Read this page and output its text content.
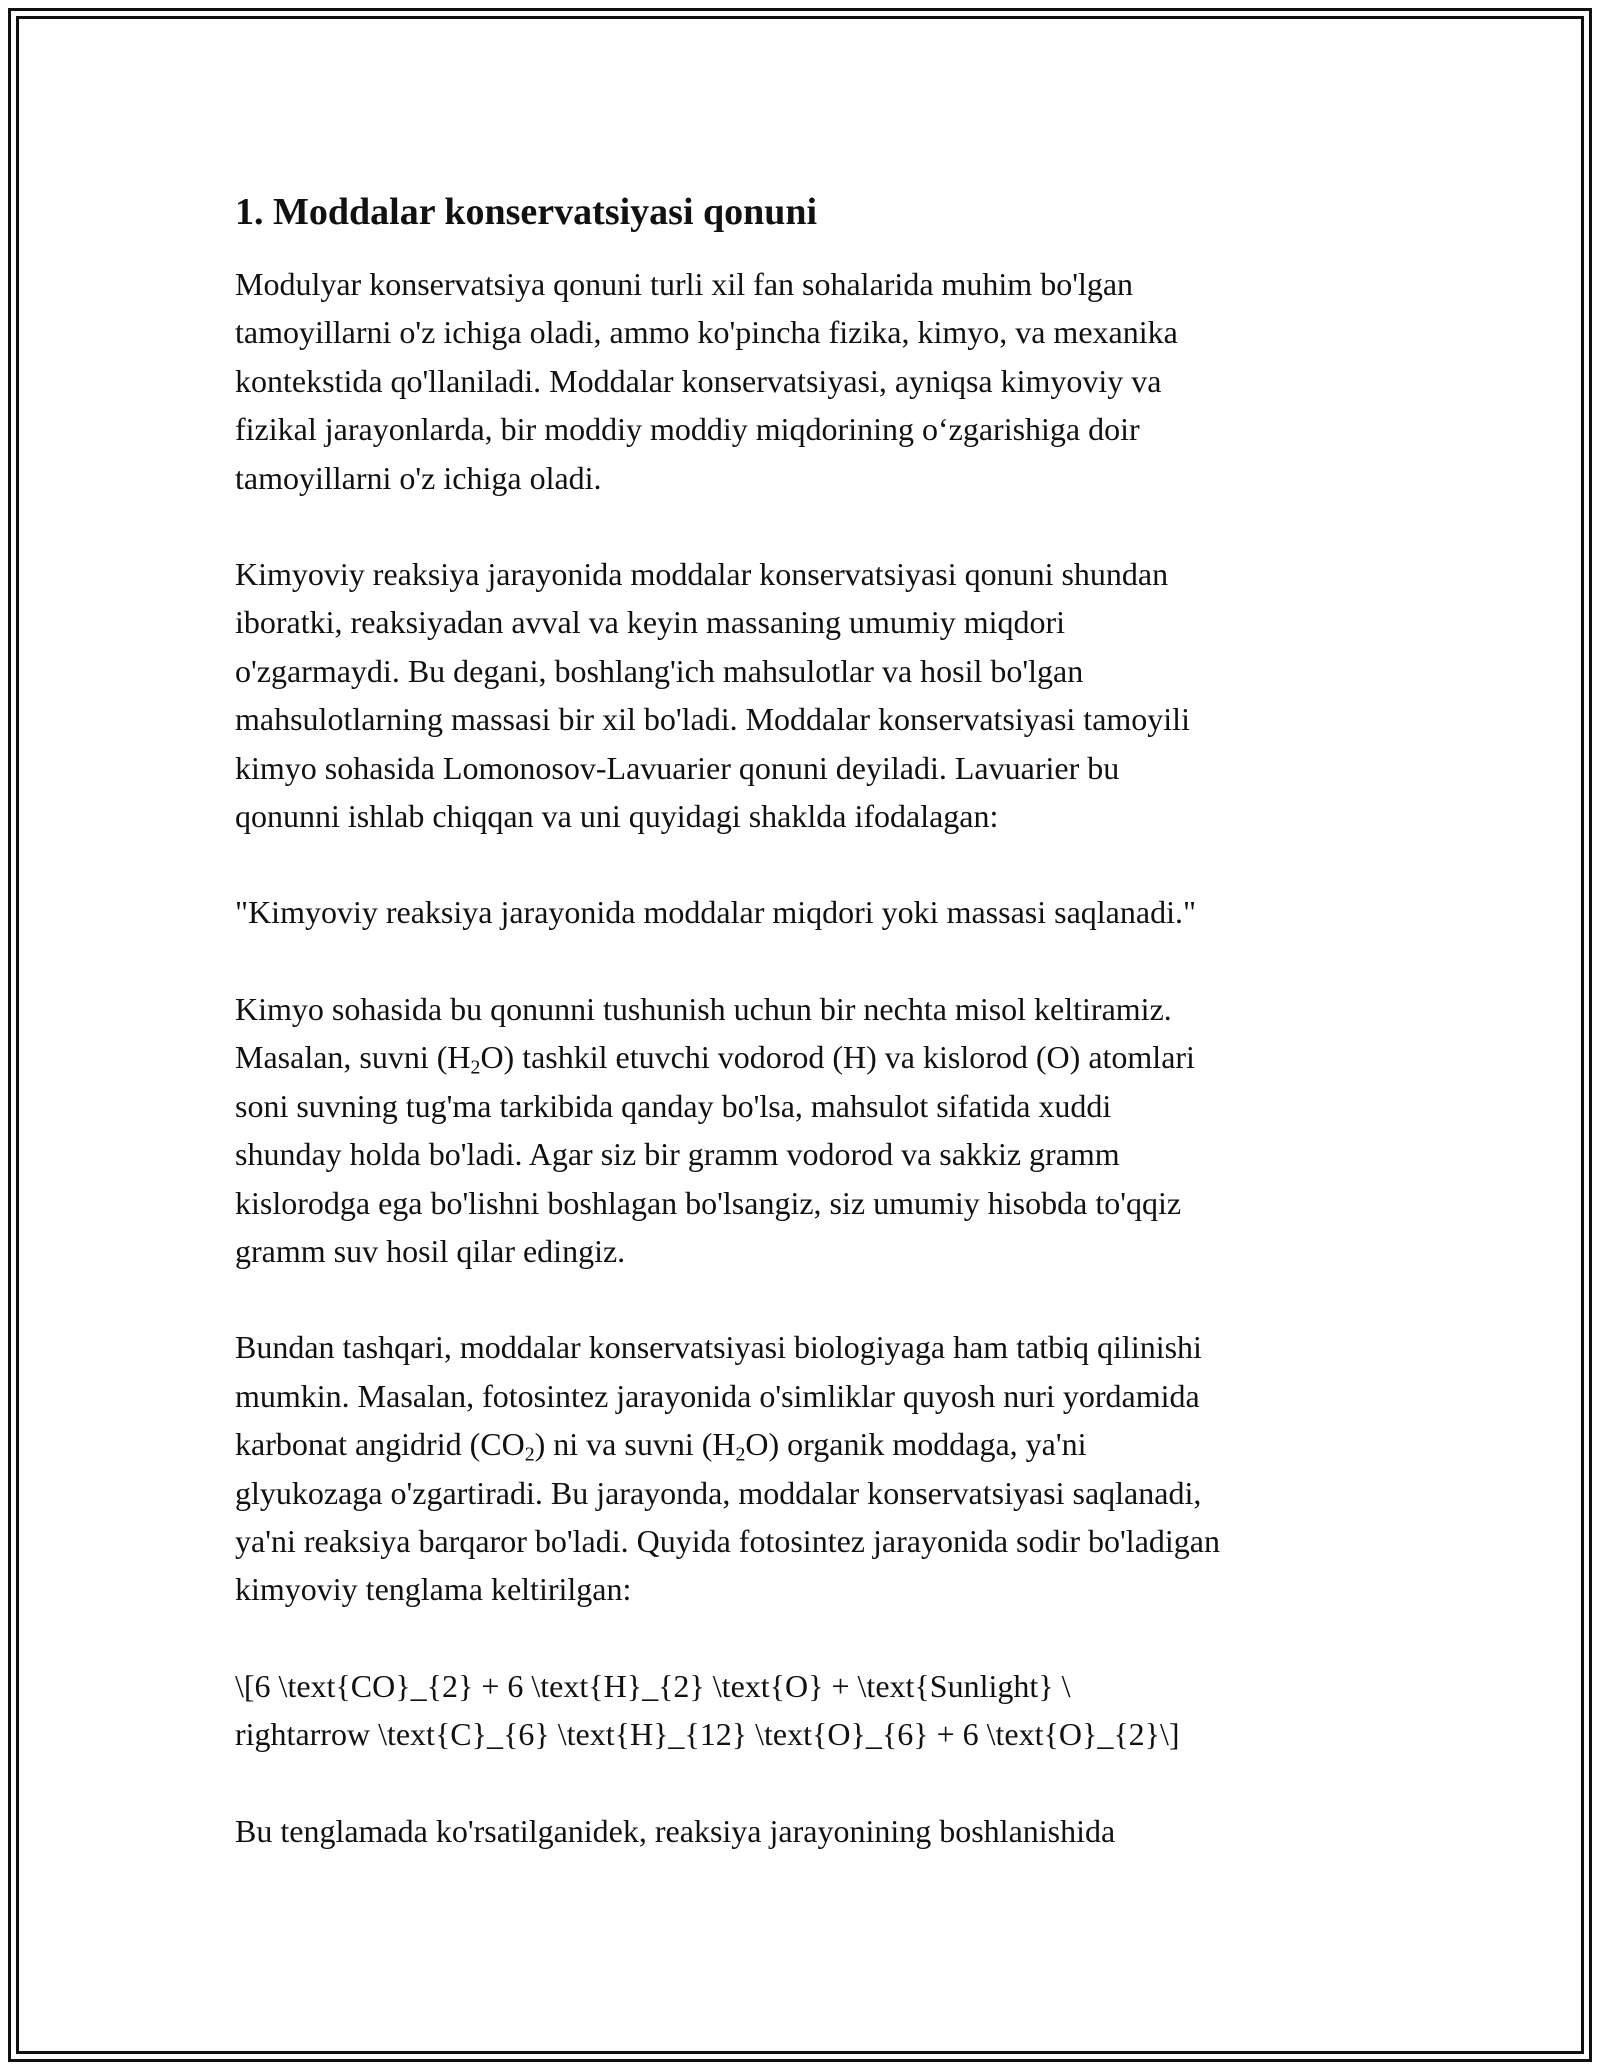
1. Moddalar konservatsiyasi qonuni

Modulyar konservatsiya qonuni turli xil fan sohalarida muhim bo'lgan
tamoyillarni o'z ichiga oladi, ammo ko'pincha fizika, kimyo, va mexanika
kontekstida qo'llaniladi. Moddalar konservatsiyasi, ayniqsa kimyoviy va
fizikal jarayonlarda, bir moddiy moddiy miqdorining o‘zgarishiga doir
tamoyillarni o'z ichiga oladi.

Kimyoviy reaksiya jarayonida moddalar konservatsiyasi qonuni shundan
iboratki, reaksiyadan avval va keyin massaning umumiy miqdori
o'zgarmaydi. Bu degani, boshlang'ich mahsulotlar va hosil bo'lgan
mahsulotlarning massasi bir xil bo'ladi. Moddalar konservatsiyasi tamoyili
kimyo sohasida Lomonosov-Lavuarier qonuni deyiladi. Lavuarier bu
qonunni ishlab chiqqan va uni quyidagi shaklda ifodalagan:

"Kimyoviy reaksiya jarayonida moddalar miqdori yoki massasi saqlanadi."

Kimyo sohasida bu qonunni tushunish uchun bir nechta misol keltiramiz.
Masalan, suvni $(H_2O)$ tashkil etuvchi vodorod (H) va kislorod (O) atomlari
soni suvning tug'ma tarkibida qanday bo'lsa, mahsulot sifatida xuddi
shunday holda bo'ladi. Agar siz bir gramm vodorod va sakkiz gramm
kislorodga ega bo'lishni boshlagan bo'lsangiz, siz umumiy hisobda to'qqiz
gramm suv hosil qilar edingiz.

Bundan tashqari, moddalar konservatsiyasi biologiyaga ham tatbiq qilinishi
mumkin. Masalan, fotosintez jarayonida o'simliklar quyosh nuri yordamida
karbonat angidrid $(CO_2)$ ni va suvni $(H_2O)$ organik moddaga, ya'ni
glyukozaga o'zgartiradi. Bu jarayonda, moddalar konservatsiyasi saqlanadi,
ya'ni reaksiya barqaror bo'ladi. Quyida fotosintez jarayonida sodir bo'ladigan
kimyoviy tenglama keltirilgan:

\[6 \text{CO}_{2} + 6 \text{H}_{2} \text{O} + \text{Sunlight} \
rightarrow \text{C}_{6} \text{H}_{12} \text{O}_{6} + 6 \text{O}_{2}\]

Bu tenglamada ko'rsatilganidek, reaksiya jarayonining boshlanishida
